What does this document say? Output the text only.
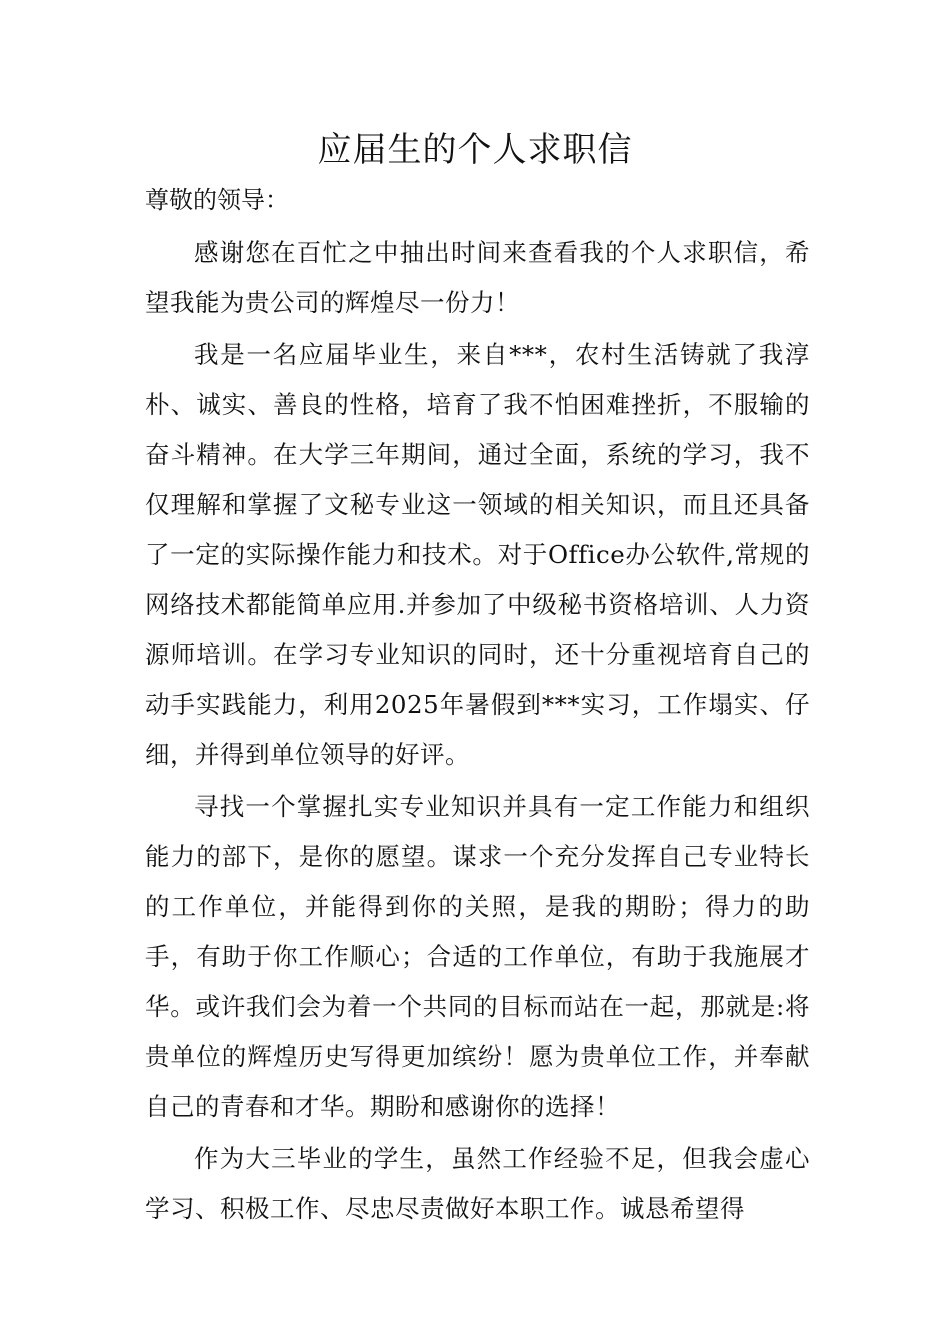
应届生的个人求职信

尊敬的领导：

感谢您在百忙之中抽出时间来查看我的个人求职信，希望我能为贵公司的辉煌尽一份力！

我是一名应届毕业生，来自***，农村生活铸就了我淳朴、诚实、善良的性格，培育了我不怕困难挫折，不服输的奋斗精神。在大学三年期间，通过全面，系统的学习，我不仅理解和掌握了文秘专业这一领域的相关知识，而且还具备了一定的实际操作能力和技术。对于Office办公软件,常规的网络技术都能简单应用.并参加了中级秘书资格培训、人力资源师培训。在学习专业知识的同时，还十分重视培育自己的动手实践能力，利用2025年暑假到***实习，工作塌实、仔细，并得到单位领导的好评。

寻找一个掌握扎实专业知识并具有一定工作能力和组织能力的部下，是你的愿望。谋求一个充分发挥自己专业特长的工作单位，并能得到你的关照，是我的期盼；得力的助手，有助于你工作顺心；合适的工作单位，有助于我施展才华。或许我们会为着一个共同的目标而站在一起，那就是:将贵单位的辉煌历史写得更加缤纷！愿为贵单位工作，并奉献自己的青春和才华。期盼和感谢你的选择！

作为大三毕业的学生，虽然工作经验不足，但我会虚心学习、积极工作、尽忠尽责做好本职工作。诚恳希望得
